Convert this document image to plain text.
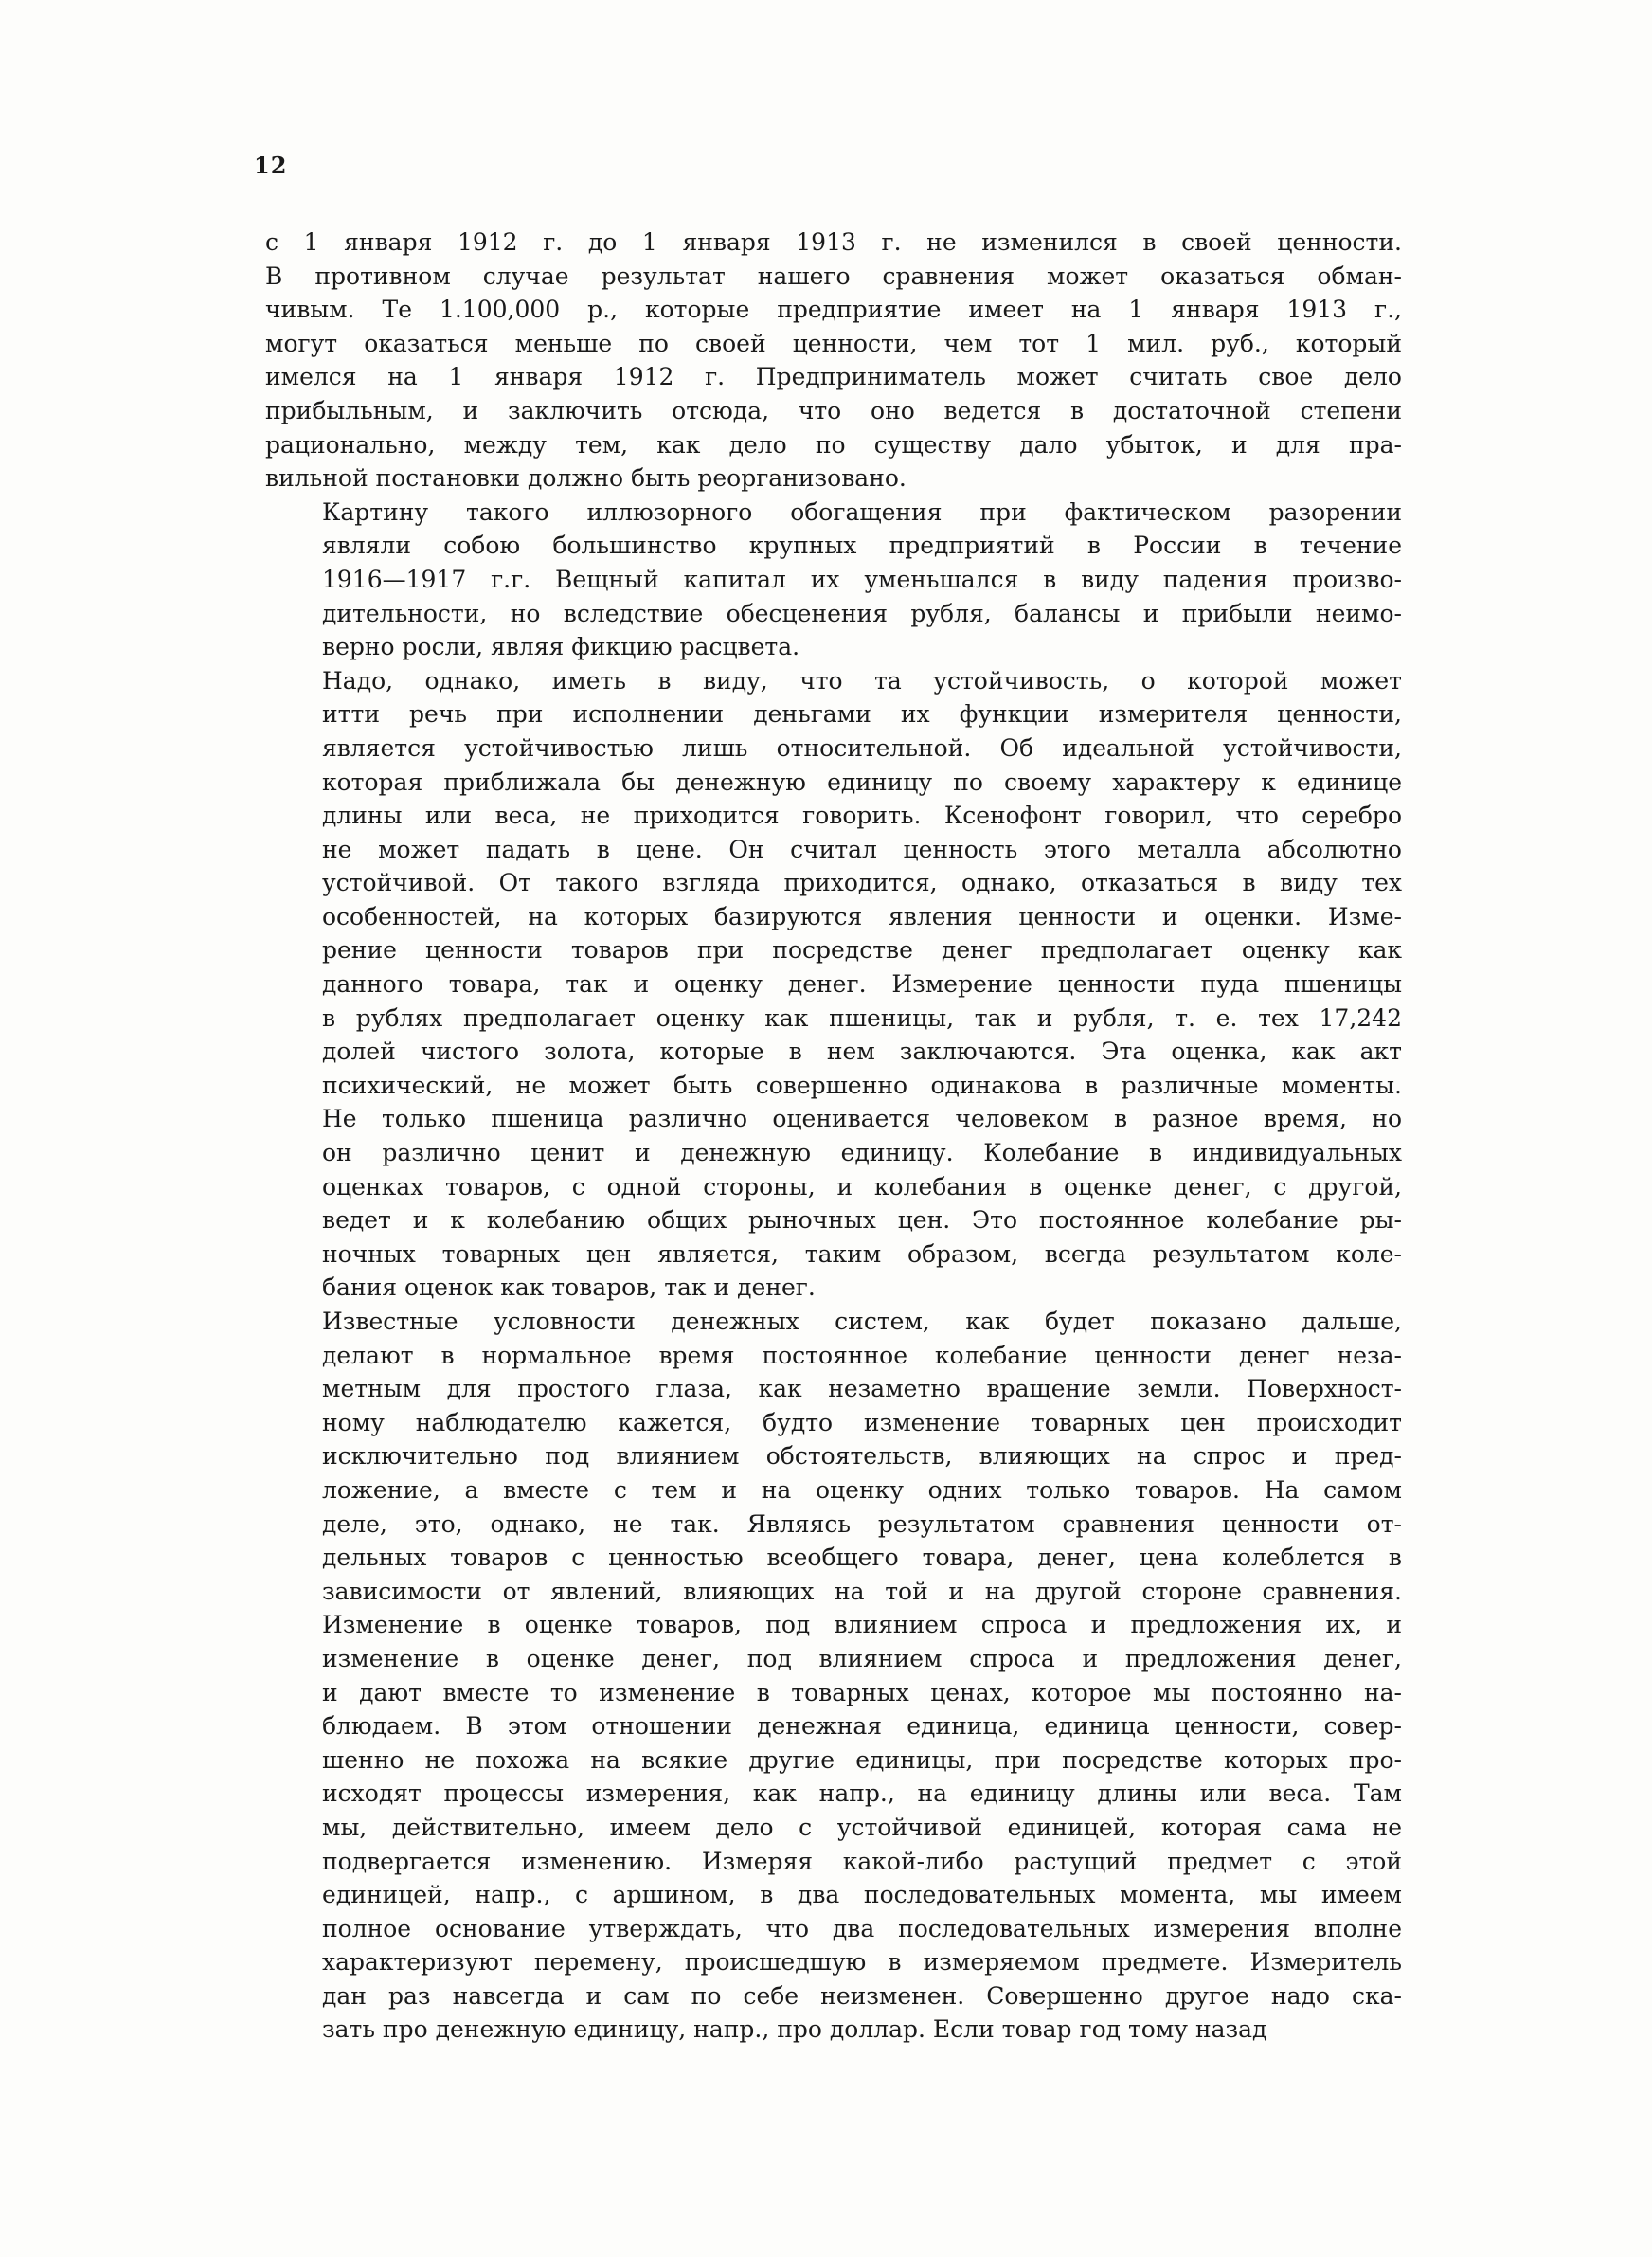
12

с 1 января 1912 г. до 1 января 1913 г. не изменился в своей ценности.
В противном случае результат нашего сравнения может оказаться обман-
чивым. Те 1.100,000 р., которые предприятие имеет на 1 января 1913 г.,
могут оказаться меньше по своей ценности, чем тот 1 мил. руб., который
имелся на 1 января 1912 г. Предприниматель может считать свое дело
прибыльным, и заключить отсюда, что оно ведется в достаточной степени
рационально, между тем, как дело по существу дало убыток, и для пра-
вильной постановки должно быть реорганизовано.

Картину такого иллюзорного обогащения при фактическом разорении
являли собою большинство крупных предприятий в России в течение
1916—1917 г.г. Вещный капитал их уменьшался в виду падения произво-
дительности, но вследствие обесценения рубля, балансы и прибыли неимо-
верно росли, являя фикцию расцвета.

Надо, однако, иметь в виду, что та устойчивость, о которой может
итти речь при исполнении деньгами их функции измерителя ценности,
является устойчивостью лишь относительной. Об идеальной устойчивости,
которая приближала бы денежную единицу по своему характеру к единице
длины или веса, не приходится говорить. Ксенофонт говорил, что серебро
не может падать в цене. Он считал ценность этого металла абсолютно
устойчивой. От такого взгляда приходится, однако, отказаться в виду тех
особенностей, на которых базируются явления ценности и оценки. Изме-
рение ценности товаров при посредстве денег предполагает оценку как
данного товара, так и оценку денег. Измерение ценности пуда пшеницы
в рублях предполагает оценку как пшеницы, так и рубля, т. е. тех 17,242
долей чистого золота, которые в нем заключаются. Эта оценка, как акт
психический, не может быть совершенно одинакова в различные моменты.
Не только пшеница различно оценивается человеком в разное время, но
он различно ценит и денежную единицу. Колебание в индивидуальных
оценках товаров, с одной стороны, и колебания в оценке денег, с другой,
ведет и к колебанию общих рыночных цен. Это постоянное колебание ры-
ночных товарных цен является, таким образом, всегда результатом коле-
бания оценок как товаров, так и денег.

Известные условности денежных систем, как будет показано дальше,
делают в нормальное время постоянное колебание ценности денег неза-
метным для простого глаза, как незаметно вращение земли. Поверхност-
ному наблюдателю кажется, будто изменение товарных цен происходит
исключительно под влиянием обстоятельств, влияющих на спрос и пред-
ложение, а вместе с тем и на оценку одних только товаров. На самом
деле, это, однако, не так. Являясь результатом сравнения ценности от-
дельных товаров с ценностью всеобщего товара, денег, цена колеблется в
зависимости от явлений, влияющих на той и на другой стороне сравнения.
Изменение в оценке товаров, под влиянием спроса и предложения их, и
изменение в оценке денег, под влиянием спроса и предложения денег,
и дают вместе то изменение в товарных ценах, которое мы постоянно на-
блюдаем. В этом отношении денежная единица, единица ценности, совер-
шенно не похожа на всякие другие единицы, при посредстве которых про-
исходят процессы измерения, как напр., на единицу длины или веса. Там
мы, действительно, имеем дело с устойчивой единицей, которая сама не
подвергается изменению. Измеряя какой-либо растущий предмет с этой
единицей, напр., с аршином, в два последовательных момента, мы имеем
полное основание утверждать, что два последовательных измерения вполне
характеризуют перемену, происшедшую в измеряемом предмете. Измеритель
дан раз навсегда и сам по себе неизменен. Совершенно другое надо ска-
зать про денежную единицу, напр., про доллар. Если товар год тому назад
